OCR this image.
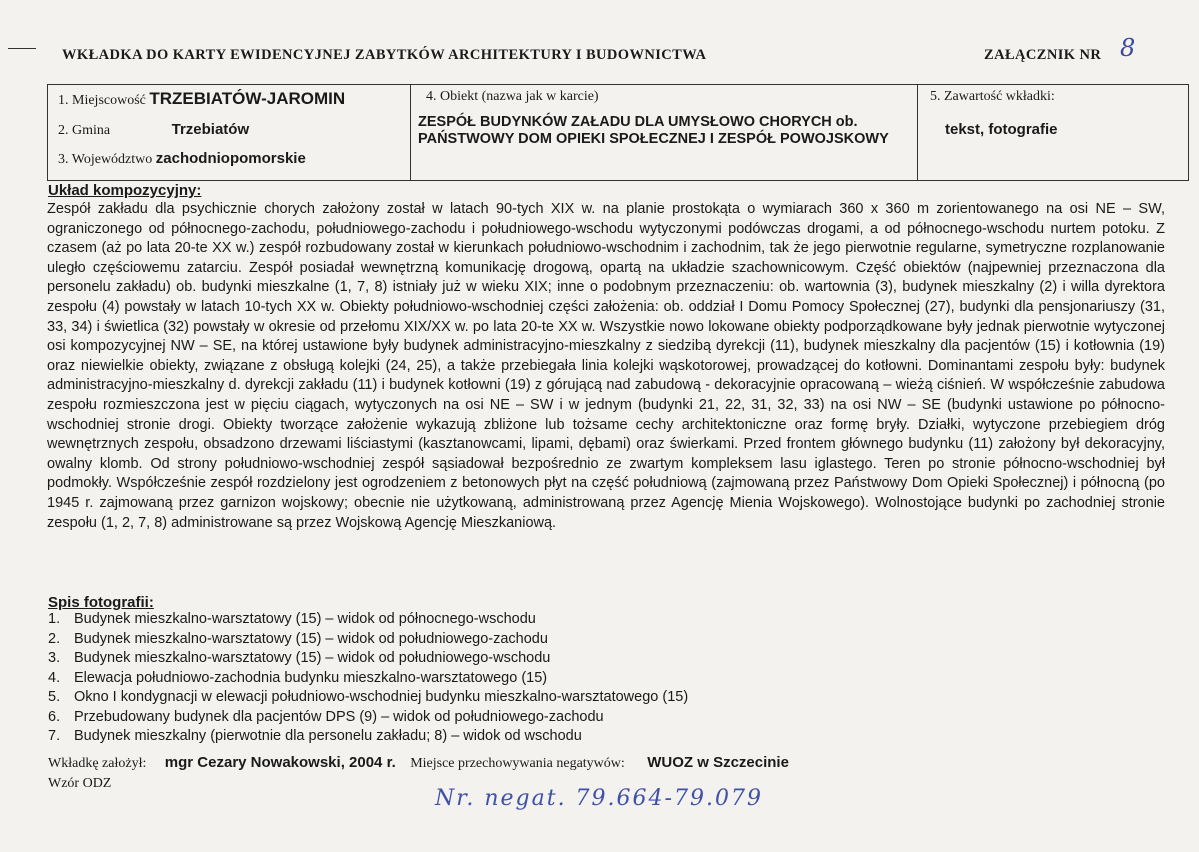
WKŁADKA DO KARTY EWIDENCYJNEJ ZABYTKÓW ARCHITEKTURY I BUDOWNICTWA	ZAŁĄCZNIK NR 8
1. Miejscowość TRZEBIATÓW-JAROMIN
2. Gmina	Trzebiatów
3. Województwo zachodniopomorskie
4. Obiekt (nazwa jak w karcie)
ZESPÓŁ BUDYNKÓW ZAŁADU DLA UMYSŁOWO CHORYCH ob. PAŃSTWOWY DOM OPIEKI SPOŁECZNEJ I ZESPÓŁ POWOJSKOWY
5. Zawartość wkładki:
tekst, fotografie
Układ kompozycyjny:
Zespół zakładu dla psychicznie chorych założony został w latach 90-tych XIX w. na planie prostokąta o wymiarach 360 x 360 m zorientowanego na osi NE – SW, ograniczonego od północnego-zachodu, południowego-zachodu i południowego-wschodu wytyczonymi podówczas drogami, a od północnego-wschodu nurtem potoku. Z czasem (aż po lata 20-te XX w.) zespół rozbudowany został w kierunkach południowo-wschodnim i zachodnim, tak że jego pierwotnie regularne, symetryczne rozplanowanie uległo częściowemu zatarciu. Zespół posiadał wewnętrzną komunikację drogową, opartą na układzie szachownicowym. Część obiektów (najpewniej przeznaczona dla personelu zakładu) ob. budynki mieszkalne (1, 7, 8) istniały już w wieku XIX; inne o podobnym przeznaczeniu: ob. wartownia (3), budynek mieszkalny (2) i willa dyrektora zespołu (4) powstały w latach 10-tych XX w. Obiekty południowo-wschodniej części założenia: ob. oddział I Domu Pomocy Społecznej (27), budynki dla pensjonariuszy (31, 33, 34) i świetlica (32) powstały w okresie od przełomu XIX/XX w. po lata 20-te XX w. Wszystkie nowo lokowane obiekty podporządkowane były jednak pierwotnie wytyczonej osi kompozycyjnej NW – SE, na której ustawione były budynek administracyjno-mieszkalny z siedzibą dyrekcji (11), budynek mieszkalny dla pacjentów (15) i kotłownia (19) oraz niewielkie obiekty, związane z obsługą kolejki (24, 25), a także przebiegała linia kolejki wąskotorowej, prowadzącej do kotłowni. Dominantami zespołu były: budynek administracyjno-mieszkalny d. dyrekcji zakładu (11) i budynek kotłowni (19) z górującą nad zabudową - dekoracyjnie opracowaną – wieżą ciśnień. W współcześnie zabudowa zespołu rozmieszczona jest w pięciu ciągach, wytyczonych na osi NE – SW i w jednym (budynki 21, 22, 31, 32, 33) na osi NW – SE (budynki ustawione po północno-wschodniej stronie drogi. Obiekty tworzące założenie wykazują zbliżone lub tożsame cechy architektoniczne oraz formę bryły. Działki, wytyczone przebiegiem dróg wewnętrznych zespołu, obsadzono drzewami liściastymi (kasztanowcami, lipami, dębami) oraz świerkami. Przed frontem głównego budynku (11) założony był dekoracyjny, owalny klomb. Od strony południowo-wschodniej zespół sąsiadował bezpośrednio ze zwartym kompleksem lasu iglastego. Teren po stronie północno-wschodniej był podmokły. Współcześnie zespół rozdzielony jest ogrodzeniem z betonowych płyt na część południową (zajmowaną przez Państwowy Dom Opieki Społecznej) i północną (po 1945 r. zajmowaną przez garnizon wojskowy; obecnie nie użytkowaną, administrowaną przez Agencję Mienia Wojskowego). Wolnostojące budynki po zachodniej stronie zespołu (1, 2, 7, 8) administrowane są przez Wojskową Agencję Mieszkaniową.
Spis fotografii:
1. Budynek mieszkalno-warsztatowy (15) – widok od północnego-wschodu
2. Budynek mieszkalno-warsztatowy (15) – widok od południowego-zachodu
3. Budynek mieszkalno-warsztatowy (15) – widok od południowego-wschodu
4. Elewacja południowo-zachodnia budynku mieszkalno-warsztatowego (15)
5. Okno I kondygnacji w elewacji południowo-wschodniej budynku mieszkalno-warsztatowego (15)
6. Przebudowany budynek dla pacjentów DPS (9) – widok od południowego-zachodu
7. Budynek mieszkalny (pierwotnie dla personelu zakładu; 8) – widok od wschodu
Wkładkę założył: mgr Cezary Nowakowski, 2004 r. Miejsce przechowywania negatywów: WUOZ w Szczecinie
Wzór ODZ
Nr. negat. 79.664-79.079
